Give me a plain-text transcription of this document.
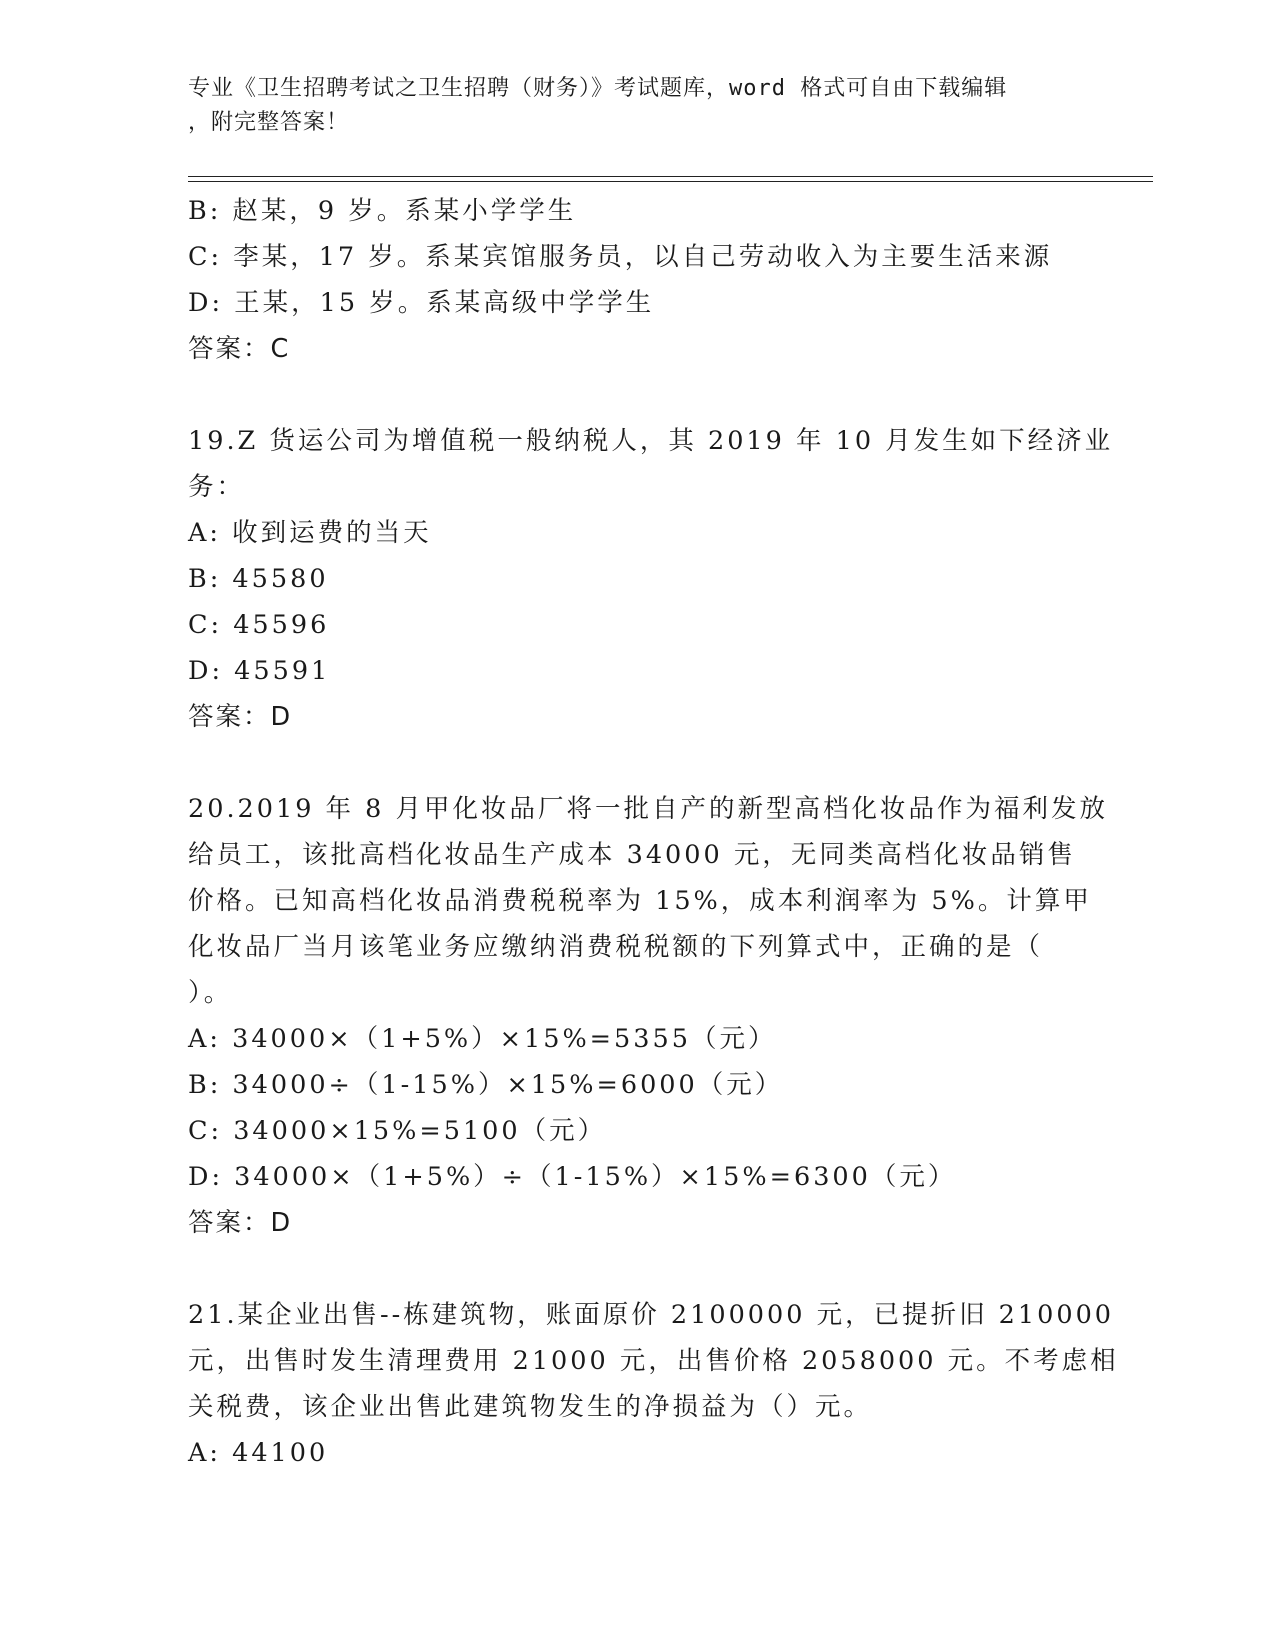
专业《卫生招聘考试之卫生招聘（财务）》考试题库，word 格式可自由下载编辑
，附完整答案！
B: 赵某，9 岁。系某小学学生
C: 李某，17 岁。系某宾馆服务员，以自己劳动收入为主要生活来源
D: 王某，15 岁。系某高级中学学生
答案：C
19.Z 货运公司为增值税一般纳税人，其 2019 年 10 月发生如下经济业
务：
A: 收到运费的当天
B: 45580
C: 45596
D: 45591
答案：D
20.2019 年 8 月甲化妆品厂将一批自产的新型高档化妆品作为福利发放
给员工，该批高档化妆品生产成本 34000 元，无同类高档化妆品销售
价格。已知高档化妆品消费税税率为 15%，成本利润率为 5%。计算甲
化妆品厂当月该笔业务应缴纳消费税税额的下列算式中，正确的是（
）。
A: 34000×（1+5%）×15%=5355（元）
B: 34000÷（1-15%）×15%=6000（元）
C: 34000×15%=5100（元）
D: 34000×（1+5%）÷（1-15%）×15%=6300（元）
答案：D
21.某企业出售--栋建筑物，账面原价 2100000 元，已提折旧 210000
元，出售时发生清理费用 21000 元，出售价格 2058000 元。不考虑相
关税费，该企业出售此建筑物发生的净损益为（）元。
A: 44100
